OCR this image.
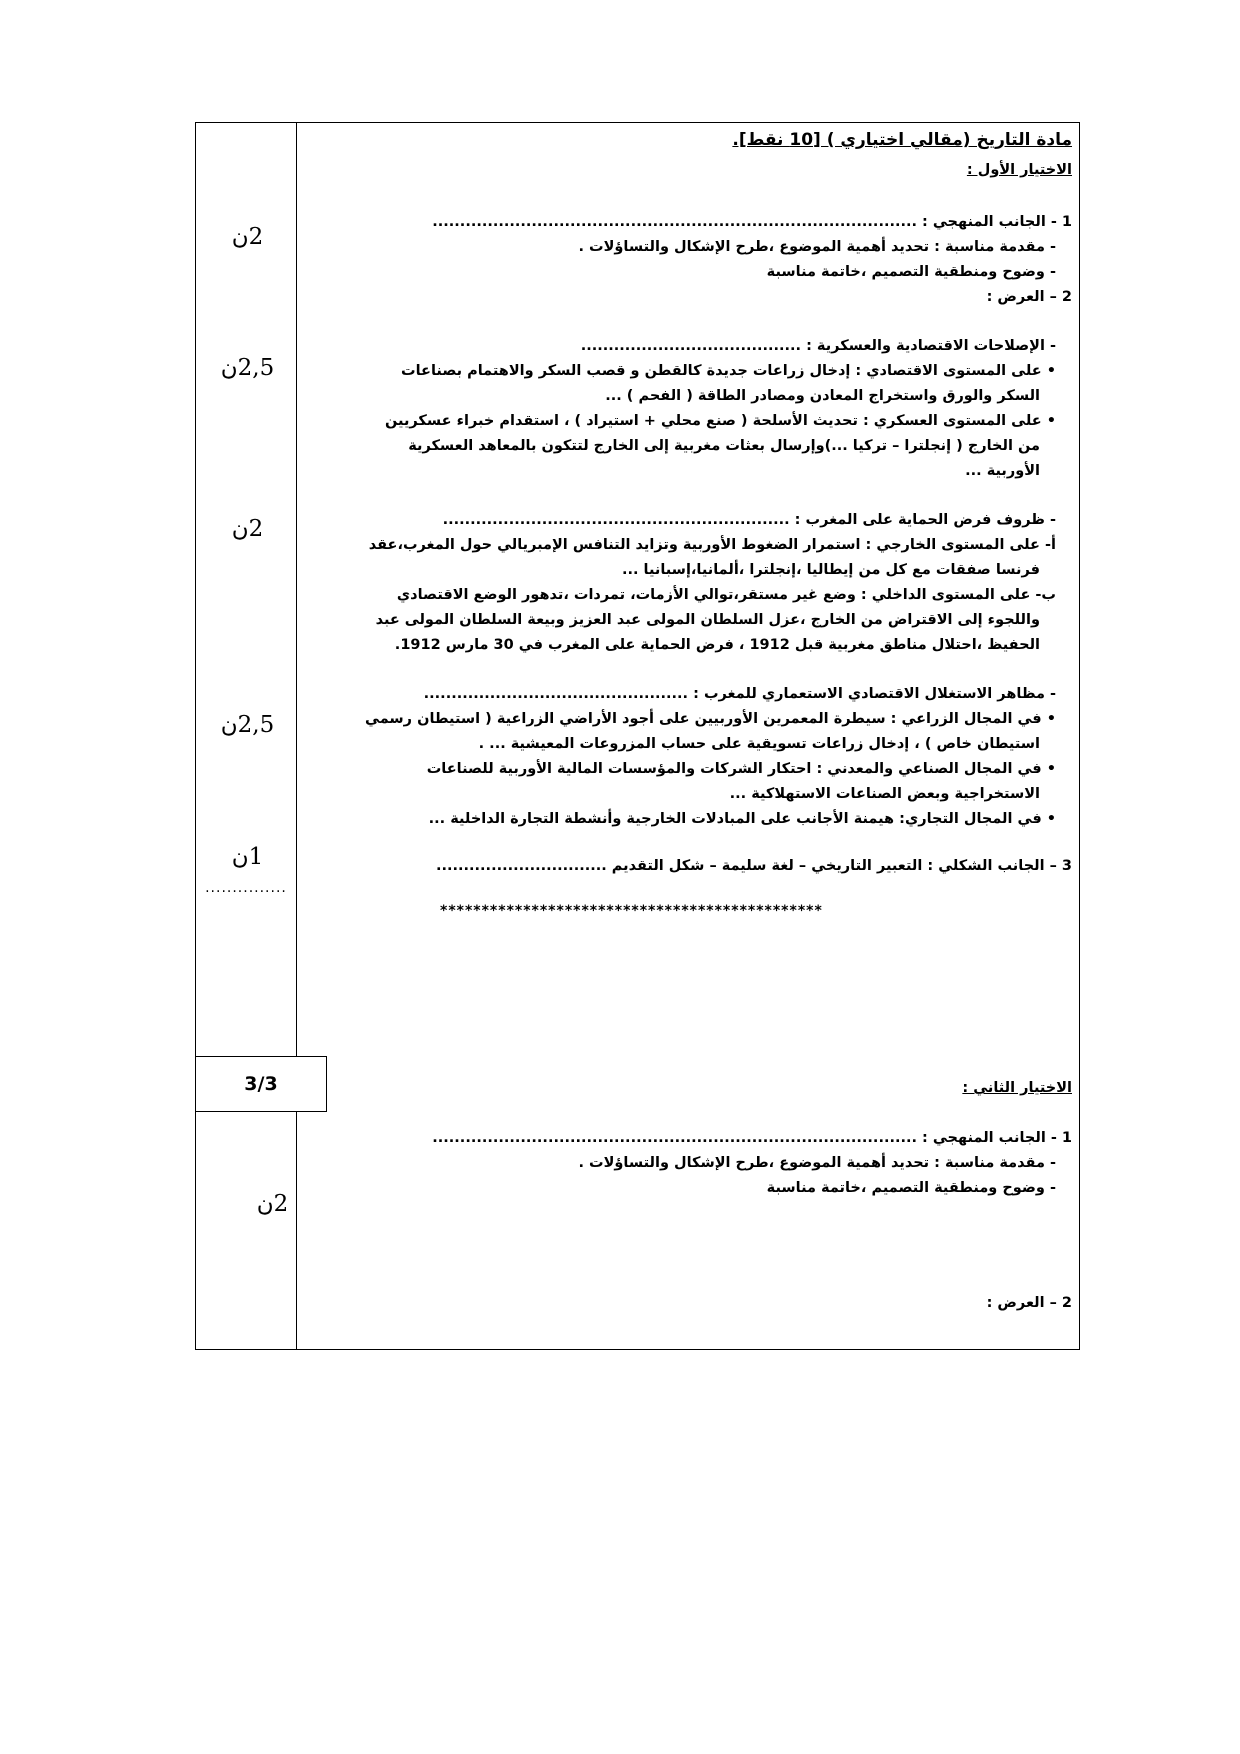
2ن
2,5ن
2ن
2,5ن
1ن
...............
2ن
مادة التاريخ (مقالي اختياري ) [10 نقط].
الاختيار الأول :
1 - الجانب المنهجي : ........................................................................................
- مقدمة مناسبة : تحديد أهمية الموضوع ،طرح الإشكال والتساؤلات .
- وضوح ومنطقية التصميم ،خاتمة مناسبة
2 – العرض :
- الإصلاحات الاقتصادية والعسكرية : ........................................
• على المستوى الاقتصادي : إدخال زراعات جديدة كالقطن و قصب السكر والاهتمام بصناعات
السكر والورق واستخراج المعادن ومصادر الطاقة ( الفحم ) ...
• على المستوى العسكري : تحديث الأسلحة ( صنع محلي + استيراد ) ، استقدام خبراء عسكريين
من الخارج ( إنجلترا – تركيا ...)وإرسال بعثات مغربية إلى الخارج لتتكون بالمعاهد العسكرية
الأوربية ...
- ظروف فرض الحماية على المغرب : ...............................................................
أ- على المستوى الخارجي : استمرار الضغوط الأوربية وتزايد التنافس الإمبريالي حول المغرب،عقد
فرنسا صفقات مع كل من إيطاليا ،إنجلترا ،ألمانيا،إسبانيا ...
ب- على المستوى الداخلي : وضع غير مستقر،توالي الأزمات، تمردات ،تدهور الوضع الاقتصادي
واللجوء إلى الاقتراض من الخارج ،عزل السلطان المولى عبد العزيز وبيعة السلطان المولى عبد
الحفيظ ،احتلال مناطق مغربية قبل 1912 ، فرض الحماية على المغرب في 30 مارس 1912.
- مظاهر الاستغلال الاقتصادي الاستعماري للمغرب : ................................................
• في المجال الزراعي : سيطرة المعمرين الأوربيين على أجود الأراضي الزراعية ( استيطان رسمي
استيطان خاص ) ، إدخال زراعات تسويقية على حساب المزروعات المعيشية ... .
• في المجال الصناعي والمعدني : احتكار الشركات والمؤسسات المالية الأوربية للصناعات
الاستخراجية وبعض الصناعات الاستهلاكية ...
• في المجال التجاري: هيمنة الأجانب على المبادلات الخارجية وأنشطة التجارة الداخلية ...
3 – الجانب الشكلي : التعبير التاريخي – لغة سليمة – شكل التقديم ...............................
**********************************************
3/3	الاختيار الثاني :
1 - الجانب المنهجي : ........................................................................................
- مقدمة مناسبة : تحديد أهمية الموضوع ،طرح الإشكال والتساؤلات .
- وضوح ومنطقية التصميم ،خاتمة مناسبة
2 – العرض :
